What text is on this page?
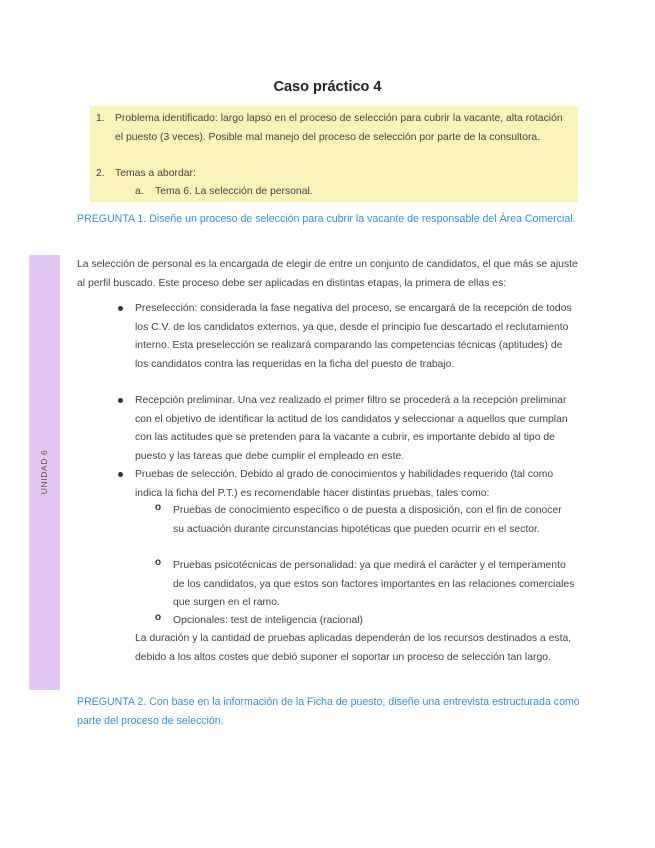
Caso práctico 4
1. Problema identificado: largo lapso en el proceso de selección para cubrir la vacante, alta rotación el puesto (3 veces). Posible mal manejo del proceso de selección por parte de la consultora.
2. Temas a abordar:
a. Tema 6. La selección de personal.
PREGUNTA 1. Diseñe un proceso de selección para cubrir la vacante de responsable del Área Comercial.
UNIDAD 6
La selección de personal es la encargada de elegir de entre un conjunto de candidatos, el que más se ajuste al perfil buscado. Este proceso debe ser aplicadas en distintas etapas, la primera de ellas es:
Preselección: considerada la fase negativa del proceso, se encargará de la recepción de todos los C.V. de los candidatos externos, ya que, desde el principio fue descartado el reclutamiento interno. Esta preselección se realizará comparando las competencias técnicas (aptitudes) de los candidatos contra las requeridas en la ficha del puesto de trabajo.
Recepción preliminar. Una vez realizado el primer filtro se procederá a la recepción preliminar con el objetivo de identificar la actitud de los candidatos y seleccionar a aquellos que cumplan con las actitudes que se pretenden para la vacante a cubrir, es importante debido al tipo de puesto y las tareas que debe cumplir el empleado en este.
Pruebas de selección. Debido al grado de conocimientos y habilidades requerido (tal como indica la ficha del P.T.) es recomendable hacer distintas pruebas, tales como:
o Pruebas de conocimiento específico o de puesta a disposición, con el fin de conocer su actuación durante circunstancias hipotéticas que pueden ocurrir en el sector.
o Pruebas psicotécnicas de personalidad: ya que medirá el carácter y el temperamento de los candidatos, ya que estos son factores importantes en las relaciones comerciales que surgen en el ramo.
o Opcionales: test de inteligencia (racional)
La duración y la cantidad de pruebas aplicadas dependerán de los recursos destinados a esta, debido a los altos costes que debió suponer el soportar un proceso de selección tan largo.
PREGUNTA 2. Con base en la información de la Ficha de puesto, diseñe una entrevista estructurada como parte del proceso de selección.
